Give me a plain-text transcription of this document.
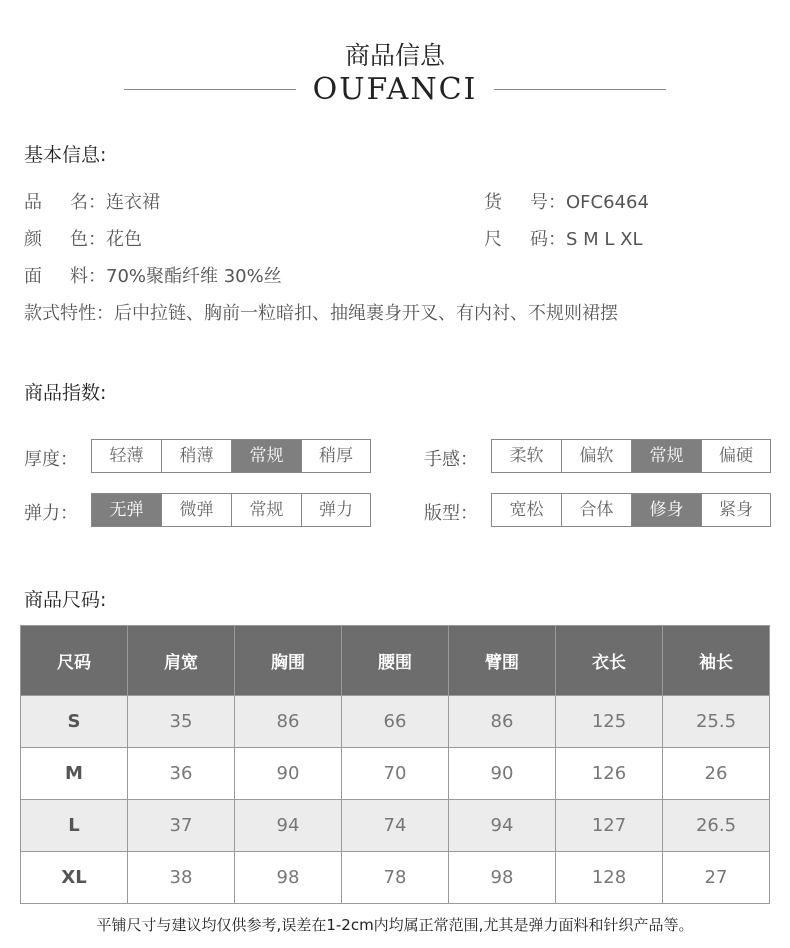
商品信息
OUFANCI
基本信息:
品名：连衣裙	货号：OFC6464
颜色：花色	尺码：S M L XL
面料：70%聚酯纤维 30%丝
款式特性：后中拉链、胸前一粒暗扣、抽绳裹身开叉、有内衬、不规则裙摆
商品指数:
厚度：	轻薄	稍薄	常规	稍厚	手感：	柔软	偏软	常规	偏硬
弹力：	无弹	微弹	常规	弹力	版型：	宽松	合体	修身	紧身
商品尺码:
尺码	肩宽	胸围	腰围	臂围	衣长	袖长
S	35	86	66	86	125	25.5
M	36	90	70	90	126	26
L	37	94	74	94	127	26.5
XL	38	98	78	98	128	27
平铺尺寸与建议均仅供参考,误差在1-2cm内均属正常范围,尤其是弹力面料和针织产品等。
